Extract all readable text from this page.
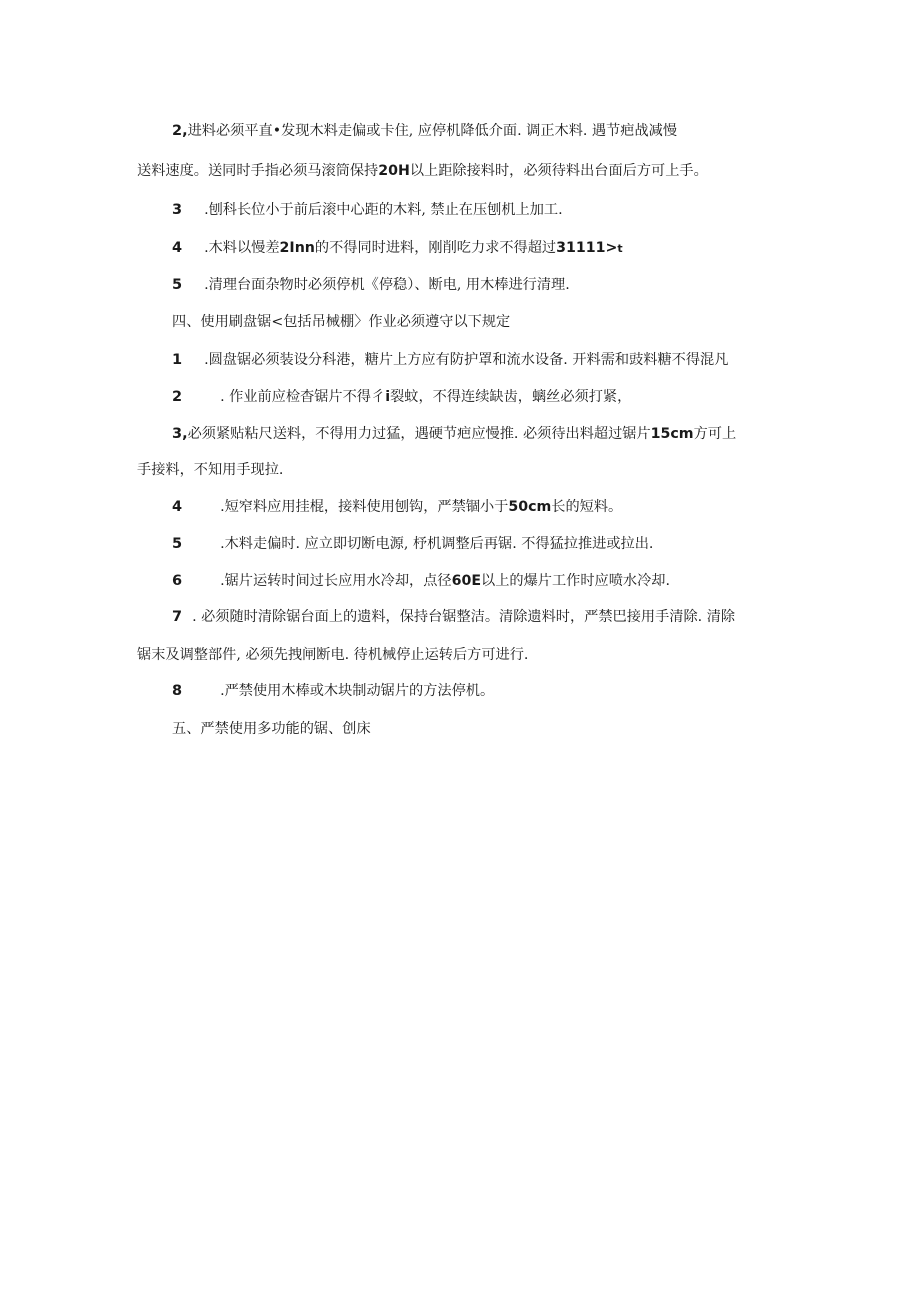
2,进料必须平直•发现木料走偏或卡住, 应停机降低介面. 调正木料. 遇节疤战减慢
送料速度。送同时手指必须马滚筒保持20H以上距除接料时，必须待料出台面后方可上手。
3 .刨科长位小于前后滚中心距的木料, 禁止在压刨机上加工.
4 .木料以慢差2Inn的不得同时进料，刚削吃力求不得超过31111>t
5 .清理台面杂物时必须停机《停稳）、断电, 用木棒进行清理.
四、使用刷盘锯<包括吊械棚〉作业必须遵守以下规定
1 .圆盘锯必须装设分科港，糖片上方应有防护罩和流水设备. 开料需和豉料糖不得混凡
2	. 作业前应检杳锯片不得彳i裂蚊，不得连续缺齿，螭丝必须打紧，
3,必须紧贴粘尺送料，不得用力过猛，遇硬节疤应慢推. 必须待出料超过锯片15cm方可上
手接料，不知用手现拉.
4	.短窄料应用挂棍，接料使用刨钩，严禁锢小于50cm长的短料。
5	.木料走偏时. 应立即切断电源, 杼机调整后再锯. 不得猛拉推进或拉出.
6	.锯片运转时间过长应用水冷却，点径60E以上的爆片工作时应喷水冷却.
7 . 必须随时清除锯台面上的遗料，保持台锯整洁。清除遗料时，严禁巴接用手清除. 清除
锯末及调整部件, 必须先拽闸断电. 待机械停止运转后方可进行.
8	.严禁使用木棒或木块制动锯片的方法停机。
五、严禁使用多功能的锯、创床
